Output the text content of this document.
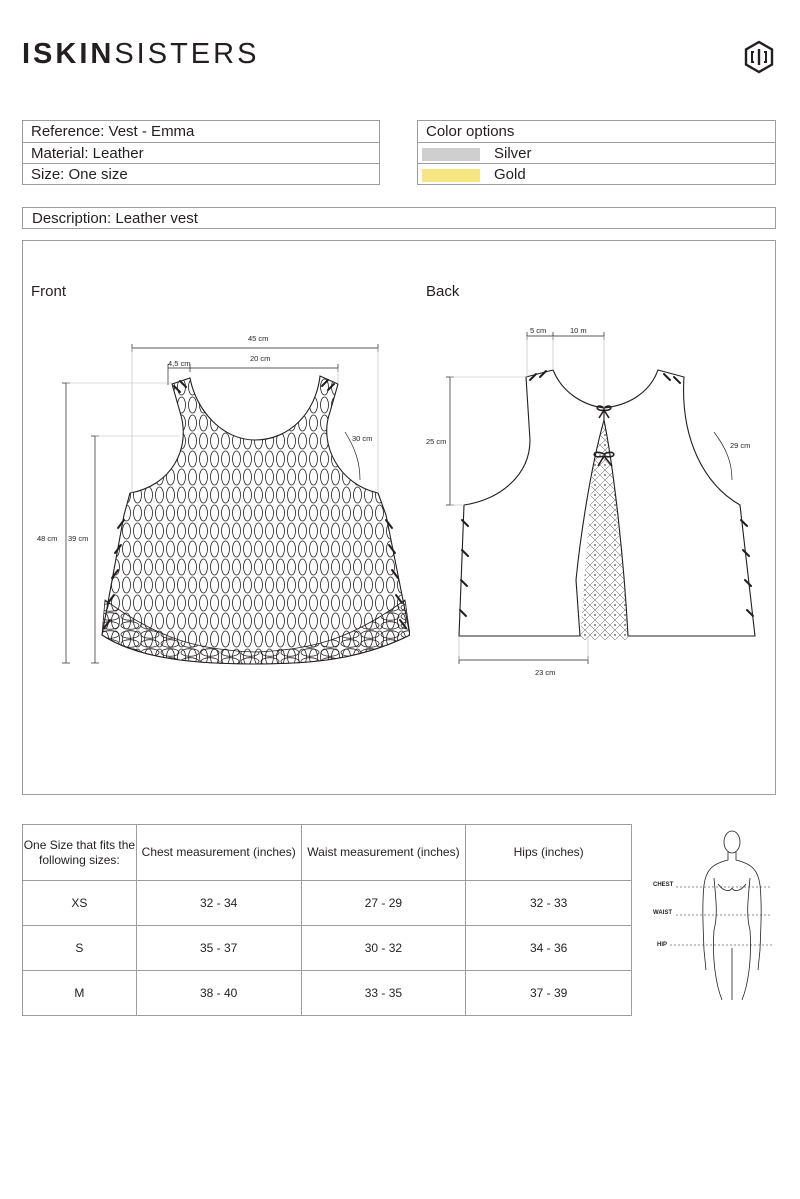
ISKINSISTERS
Reference: Vest - Emma
Material: Leather
Size: One size
Color options
Silver
Gold
Description: Leather vest
Front	Back
45 cm
20 cm
4,5 cm
30 cm
48 cm 39 cm
5 cm	10 m
25 cm	29 cm
23 cm
One Size that fits the following sizes:	Chest measurement (inches)	Waist measurement (inches)	Hips (inches)
XS	32 - 34	27 - 29	32 - 33
S	35 - 37	30 - 32	34 - 36
M	38 - 40	33 - 35	37 - 39
CHEST
WAIST
HIP
